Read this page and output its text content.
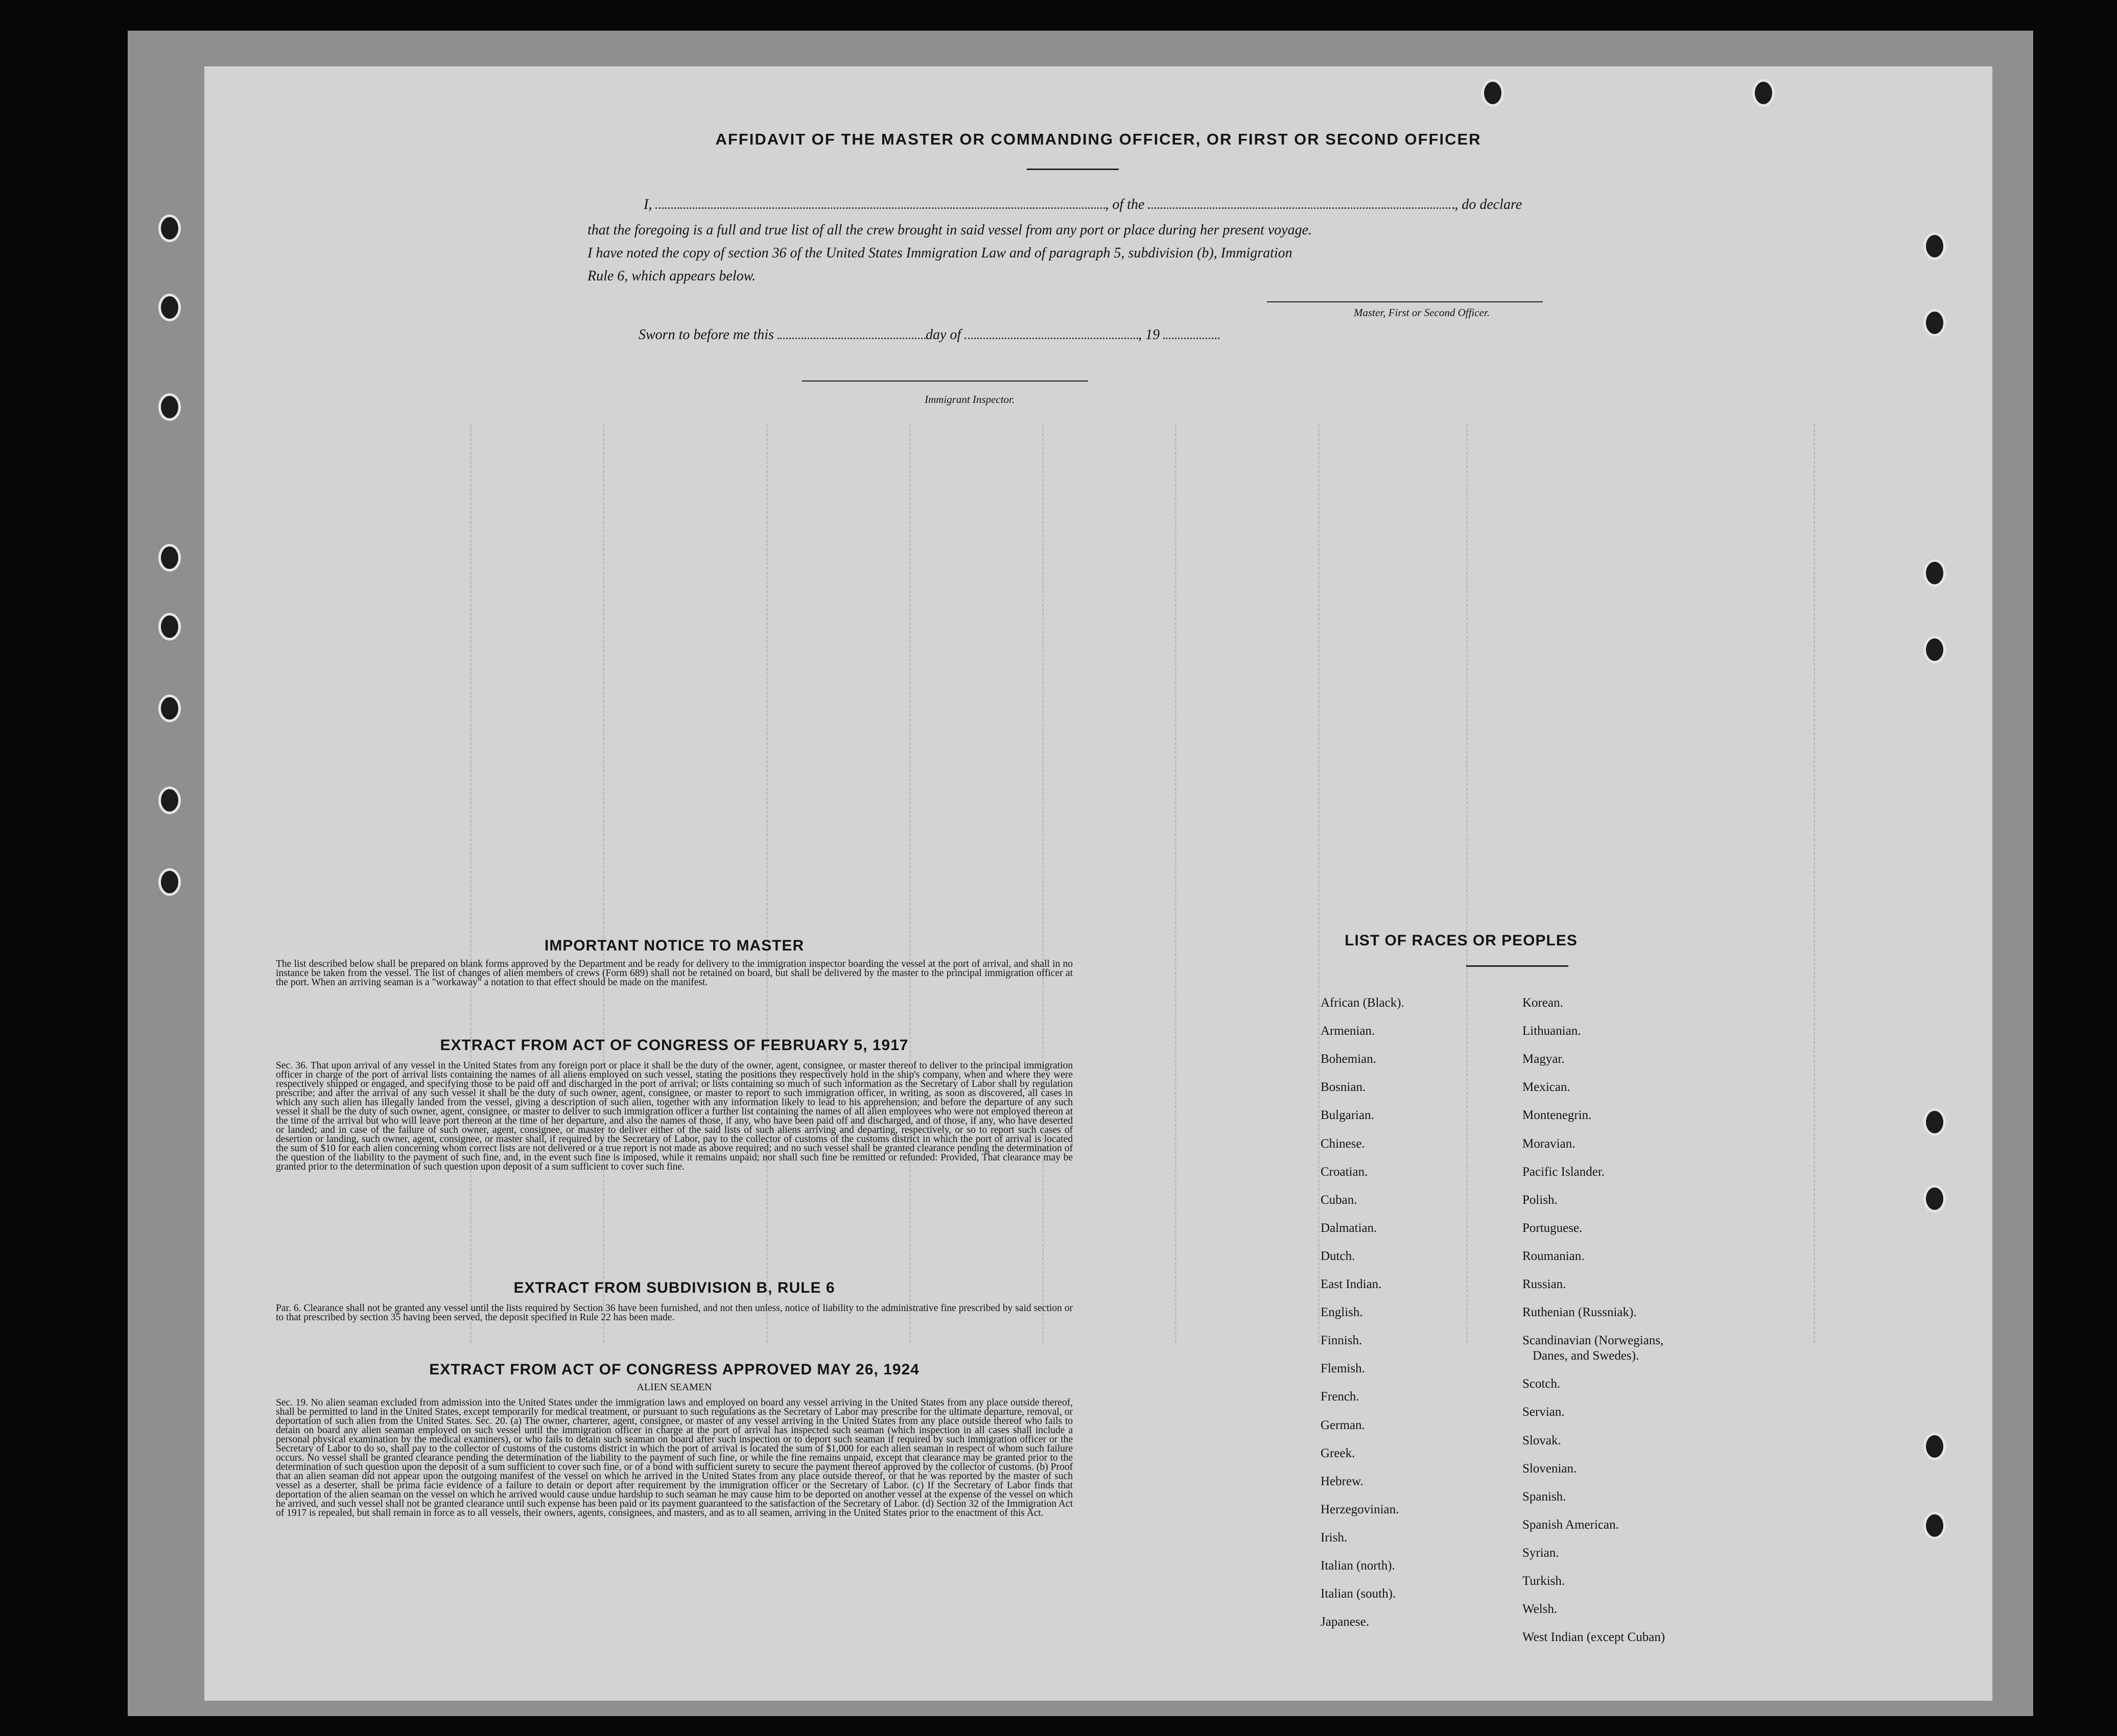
AFFIDAVIT OF THE MASTER OR COMMANDING OFFICER, OR FIRST OR SECOND OFFICER
I,	, of the	, do declare
that the foregoing is a full and true list of all the crew brought in said vessel from any port or place during her present voyage.
I have noted the copy of section 36 of the United States Immigration Law and of paragraph 5, subdivision (b), Immigration
Rule 6, which appears below.
Master, First or Second Officer.
Sworn to before me this	day of	, 19
Immigrant Inspector.
IMPORTANT NOTICE TO MASTER
The list described below shall be prepared on blank forms approved by the Department and be ready for delivery to the immigration inspector boarding the vessel at the port of arrival, and shall in no instance be taken from the vessel. The list of changes of alien members of crews (Form 689) shall not be retained on board, but shall be delivered by the master to the principal immigration officer at the port. When an arriving seaman is a "workaway" a notation to that effect should be made on the manifest.
EXTRACT FROM ACT OF CONGRESS OF FEBRUARY 5, 1917
Sec. 36. That upon arrival of any vessel in the United States from any foreign port or place it shall be the duty of the owner, agent, consignee, or master thereof to deliver to the principal immigration officer in charge of the port of arrival lists containing the names of all aliens employed on such vessel, stating the positions they respectively hold in the ship's company, when and where they were respectively shipped or engaged, and specifying those to be paid off and discharged in the port of arrival; or lists containing so much of such information as the Secretary of Labor shall by regulation prescribe; and after the arrival of any such vessel it shall be the duty of such owner, agent, consignee, or master to report to such immigration officer, in writing, as soon as discovered, all cases in which any such alien has illegally landed from the vessel, giving a description of such alien, together with any information likely to lead to his apprehension; and before the departure of any such vessel it shall be the duty of such owner, agent, consignee, or master to deliver to such immigration officer a further list containing the names of all alien employees who were not employed thereon at the time of the arrival but who will leave port thereon at the time of her departure, and also the names of those, if any, who have been paid off and discharged, and of those, if any, who have deserted or landed; and in case of the failure of such owner, agent, consignee, or master to deliver either of the said lists of such aliens arriving and departing, respectively, or so to report such cases of desertion or landing, such owner, agent, consignee, or master shall, if required by the Secretary of Labor, pay to the collector of customs of the customs district in which the port of arrival is located the sum of $10 for each alien concerning whom correct lists are not delivered or a true report is not made as above required; and no such vessel shall be granted clearance pending the determination of the question of the liability to the payment of such fine, and, in the event such fine is imposed, while it remains unpaid; nor shall such fine be remitted or refunded: Provided, That clearance may be granted prior to the determination of such question upon deposit of a sum sufficient to cover such fine.
EXTRACT FROM SUBDIVISION B, RULE 6
Par. 6. Clearance shall not be granted any vessel until the lists required by Section 36 have been furnished, and not then unless, notice of liability to the administrative fine prescribed by said section or to that prescribed by section 35 having been served, the deposit specified in Rule 22 has been made.
EXTRACT FROM ACT OF CONGRESS APPROVED MAY 26, 1924
ALIEN SEAMEN
Sec. 19. No alien seaman excluded from admission into the United States under the immigration laws and employed on board any vessel arriving in the United States from any place outside thereof, shall be permitted to land in the United States, except temporarily for medical treatment, or pursuant to such regulations as the Secretary of Labor may prescribe for the ultimate departure, removal, or deportation of such alien from the United States. Sec. 20. (a) The owner, charterer, agent, consignee, or master of any vessel arriving in the United States from any place outside thereof who fails to detain on board any alien seaman employed on such vessel until the immigration officer in charge at the port of arrival has inspected such seaman (which inspection in all cases shall include a personal physical examination by the medical examiners), or who fails to detain such seaman on board after such inspection or to deport such seaman if required by such immigration officer or the Secretary of Labor to do so, shall pay to the collector of customs of the customs district in which the port of arrival is located the sum of $1,000 for each alien seaman in respect of whom such failure occurs. No vessel shall be granted clearance pending the determination of the liability to the payment of such fine, or while the fine remains unpaid, except that clearance may be granted prior to the determination of such question upon the deposit of a sum sufficient to cover such fine, or of a bond with sufficient surety to secure the payment thereof approved by the collector of customs. (b) Proof that an alien seaman did not appear upon the outgoing manifest of the vessel on which he arrived in the United States from any place outside thereof, or that he was reported by the master of such vessel as a deserter, shall be prima facie evidence of a failure to detain or deport after requirement by the immigration officer or the Secretary of Labor. (c) If the Secretary of Labor finds that deportation of the alien seaman on the vessel on which he arrived would cause undue hardship to such seaman he may cause him to be deported on another vessel at the expense of the vessel on which he arrived, and such vessel shall not be granted clearance until such expense has been paid or its payment guaranteed to the satisfaction of the Secretary of Labor. (d) Section 32 of the Immigration Act of 1917 is repealed, but shall remain in force as to all vessels, their owners, agents, consignees, and masters, and as to all seamen, arriving in the United States prior to the enactment of this Act.
LIST OF RACES OR PEOPLES
African (Black).
Armenian.
Bohemian.
Bosnian.
Bulgarian.
Chinese.
Croatian.
Cuban.
Dalmatian.
Dutch.
East Indian.
English.
Finnish.
Flemish.
French.
German.
Greek.
Hebrew.
Herzegovinian.
Irish.
Italian (north).
Italian (south).
Japanese.
Korean.
Lithuanian.
Magyar.
Mexican.
Montenegrin.
Moravian.
Pacific Islander.
Polish.
Portuguese.
Roumanian.
Russian.
Ruthenian (Russniak).
Scandinavian (Norwegians,
Danes, and Swedes).
Scotch.
Servian.
Slovak.
Slovenian.
Spanish.
Spanish American.
Syrian.
Turkish.
Welsh.
West Indian (except Cuban)
